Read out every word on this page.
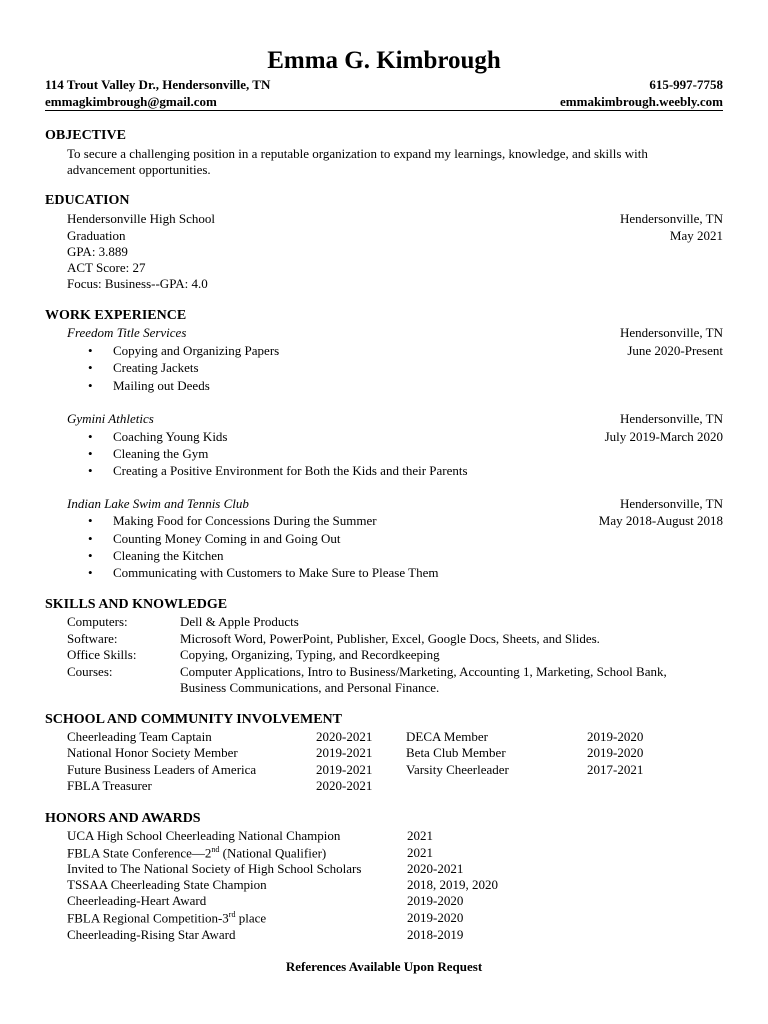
Emma G. Kimbrough
114 Trout Valley Dr., Hendersonville, TN	615-997-7758
emmagkimbrough@gmail.com	emmakimbrough.weebly.com
OBJECTIVE
To secure a challenging position in a reputable organization to expand my learnings, knowledge, and skills with
advancement opportunities.
EDUCATION
Hendersonville High School	Hendersonville, TN
Graduation	May 2021
GPA: 3.889
ACT Score: 27
Focus: Business--GPA: 4.0
WORK EXPERIENCE
Freedom Title Services	Hendersonville, TN
June 2020-Present
• Copying and Organizing Papers
• Creating Jackets
• Mailing out Deeds
Gymini Athletics	Hendersonville, TN
July 2019-March 2020
• Coaching Young Kids
• Cleaning the Gym
• Creating a Positive Environment for Both the Kids and their Parents
Indian Lake Swim and Tennis Club	Hendersonville, TN
May 2018-August 2018
• Making Food for Concessions During the Summer
• Counting Money Coming in and Going Out
• Cleaning the Kitchen
• Communicating with Customers to Make Sure to Please Them
SKILLS AND KNOWLEDGE
Computers:	Dell & Apple Products
Software:	Microsoft Word, PowerPoint, Publisher, Excel, Google Docs, Sheets, and Slides.
Office Skills:	Copying, Organizing, Typing, and Recordkeeping
Courses:	Computer Applications, Intro to Business/Marketing, Accounting 1, Marketing, School Bank,
Business Communications, and Personal Finance.
SCHOOL AND COMMUNITY INVOLVEMENT
Cheerleading Team Captain	2020-2021	DECA Member	2019-2020
National Honor Society Member	2019-2021	Beta Club Member	2019-2020
Future Business Leaders of America	2019-2021	Varsity Cheerleader	2017-2021
FBLA Treasurer	2020-2021
HONORS AND AWARDS
UCA High School Cheerleading National Champion	2021
FBLA State Conference—2nd (National Qualifier)	2021
Invited to The National Society of High School Scholars	2020-2021
TSSAA Cheerleading State Champion	2018, 2019, 2020
Cheerleading-Heart Award	2019-2020
FBLA Regional Competition-3rd place	2019-2020
Cheerleading-Rising Star Award	2018-2019
References Available Upon Request
